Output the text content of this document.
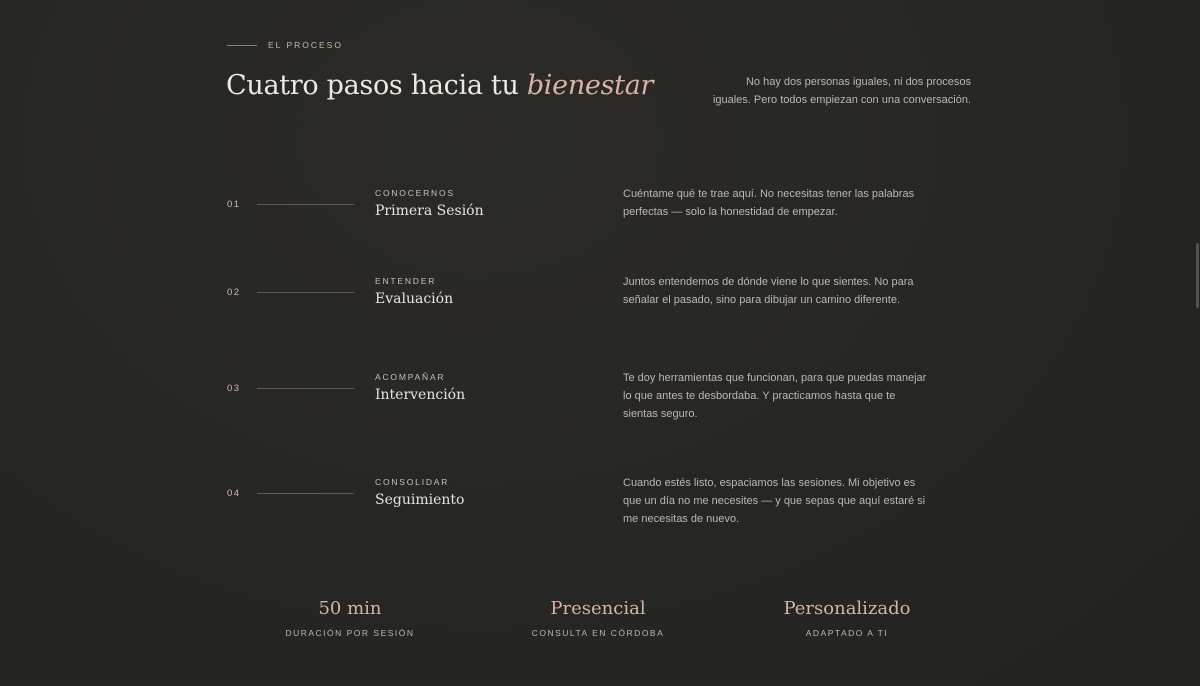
EL PROCESO
Cuatro pasos hacia tu bienestar	No hay dos personas iguales, ni dos procesos iguales. Pero todos empiezan con una conversación.

01
CONOCERNOS
Primera Sesión

Cuéntame qué te trae aquí. No necesitas tener las palabras perfectas — solo la honestidad de empezar.

02
ENTENDER
Evaluación

Juntos entendemos de dónde viene lo que sientes. No para señalar el pasado, sino para dibujar un camino diferente.

03
ACOMPAÑAR
Intervención

Te doy herramientas que funcionan, para que puedas manejar lo que antes te desbordaba. Y practicamos hasta que te sientas seguro.

04
CONSOLIDAR
Seguimiento

Cuando estés listo, espaciamos las sesiones. Mi objetivo es que un día no me necesites — y que sepas que aquí estaré si me necesitas de nuevo.

50 min
DURACIÓN POR SESIÓN
Presencial
CONSULTA EN CÓRDOBA
Personalizado
ADAPTADO A TI
